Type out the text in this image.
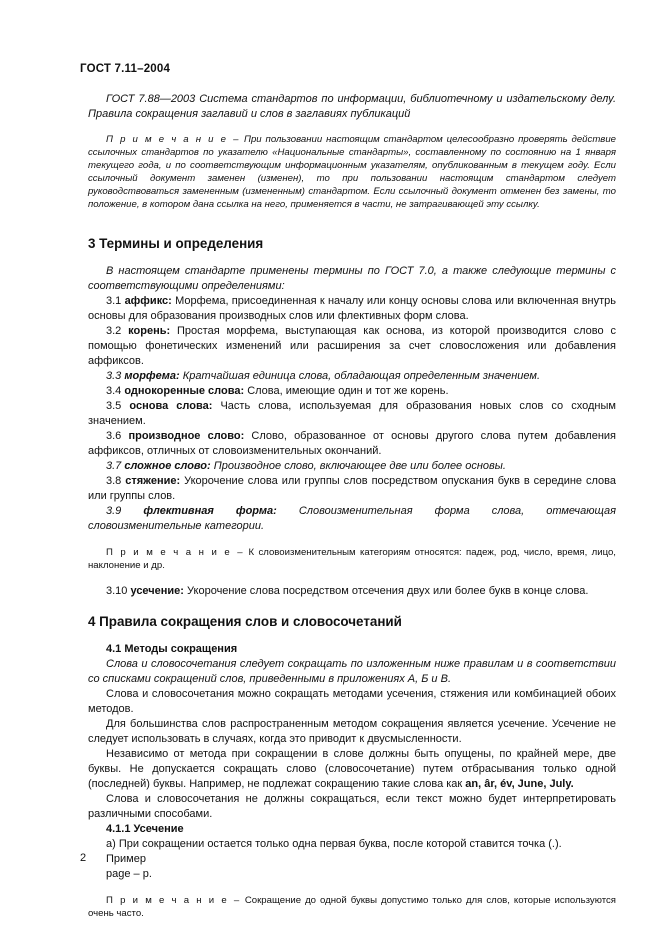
ГОСТ 7.11–2004

ГОСТ 7.88—2003 Система стандартов по информации, библиотечному и издательскому делу. Правила сокращения заглавий и слов в заглавиях публикаций

П р и м е ч а н и е – При пользовании настоящим стандартом целесообразно проверять действие ссылочных стандартов по указателю «Национальные стандарты», составленному по состоянию на 1 января текущего года, и по соответствующим информационным указателям, опубликованным в текущем году. Если ссылочный документ заменен (изменен), то при пользовании настоящим стандартом следует руководствоваться замененным (измененным) стандартом. Если ссылочный документ отменен без замены, то положение, в котором дана ссылка на него, применяется в части, не затрагивающей эту ссылку.

3 Термины и определения

В настоящем стандарте применены термины по ГОСТ 7.0, а также следующие термины с соответствующими определениями:

3.1 аффикс: Морфема, присоединенная к началу или концу основы слова или включенная внутрь основы для образования производных слов или флективных форм слова.

3.2 корень: Простая морфема, выступающая как основа, из которой производится слово с помощью фонетических изменений или расширения за счет словосложения или добавления аффиксов.

3.3 морфема: Кратчайшая единица слова, обладающая определенным значением.

3.4 однокоренные слова: Слова, имеющие один и тот же корень.

3.5 основа слова: Часть слова, используемая для образования новых слов со сходным значением.

3.6 производное слово: Слово, образованное от основы другого слова путем добавления аффиксов, отличных от словоизменительных окончаний.

3.7 сложное слово: Производное слово, включающее две или более основы.

3.8 стяжение: Укорочение слова или группы слов посредством опускания букв в середине слова или группы слов.

3.9 флективная форма: Словоизменительная форма слова, отмечающая словоизменительные категории.

П р и м е ч а н и е – К словоизменительным категориям относятся: падеж, род, число, время, лицо, наклонение и др.

3.10 усечение: Укорочение слова посредством отсечения двух или более букв в конце слова.

4 Правила сокращения слов и словосочетаний

4.1 Методы сокращения

Слова и словосочетания следует сокращать по изложенным ниже правилам и в соответствии со списками сокращений слов, приведенными в приложениях А, Б и В.

Слова и словосочетания можно сокращать методами усечения, стяжения или комбинацией обоих методов.

Для большинства слов распространенным методом сокращения является усечение. Усечение не следует использовать в случаях, когда это приводит к двусмысленности.

Независимо от метода при сокращении в слове должны быть опущены, по крайней мере, две буквы. Не допускается сокращать слово (словосочетание) путем отбрасывания только одной (последней) буквы. Например, не подлежат сокращению такие слова как an, âr, év, June, July.

Слова и словосочетания не должны сокращаться, если текст можно будет интерпретировать различными способами.

4.1.1 Усечение

а) При сокращении остается только одна первая буква, после которой ставится точка (.).

Пример

page – p.

П р и м е ч а н и е – Сокращение до одной буквы допустимо только для слов, которые используются очень часто.

2
